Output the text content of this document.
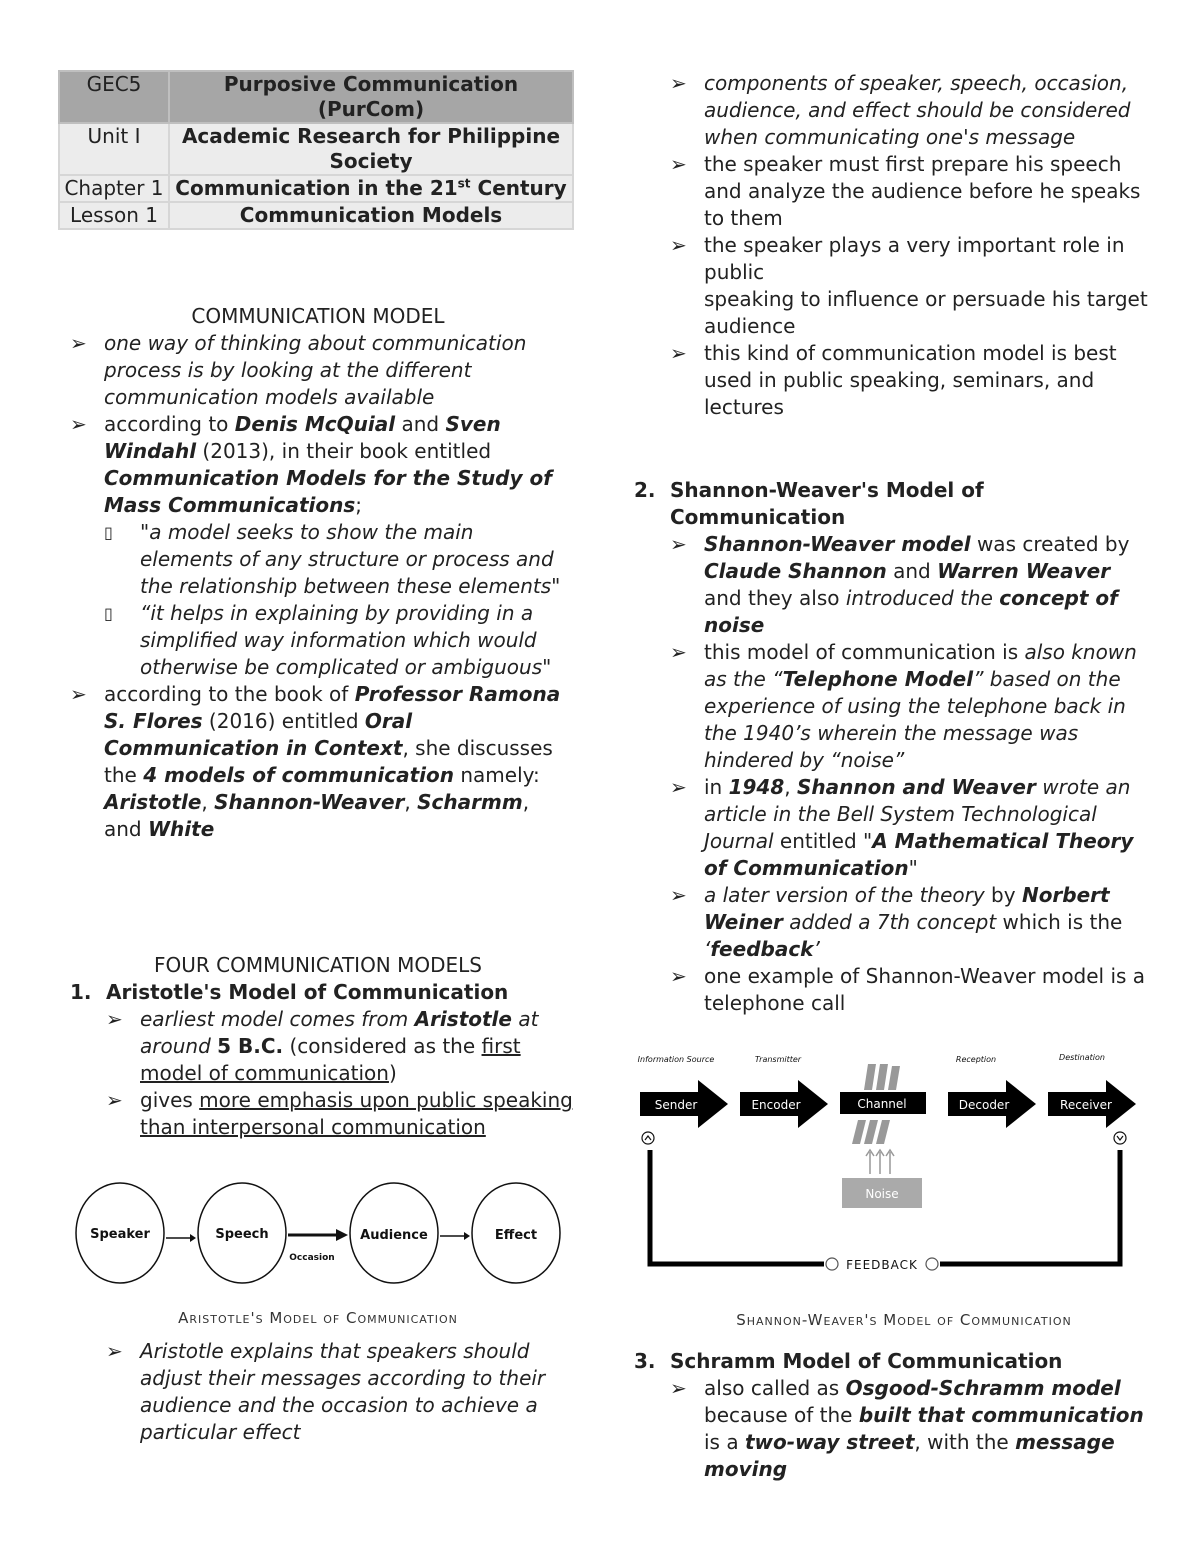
GEC5	Purposive Communication (PurCom)
Unit I	Academic Research for Philippine Society
Chapter 1	Communication in the 21st Century
Lesson 1	Communication Models
COMMUNICATION MODEL
➢ one way of thinking about communication process is by looking at the different communication models available
➢ according to Denis McQuial and Sven Windahl (2013), in their book entitled Communication Models for the Study of Mass Communications;
▯ "a model seeks to show the main elements of any structure or process and the relationship between these elements"
▯ “it helps in explaining by providing in a simplified way information which would otherwise be complicated or ambiguous"
➢ according to the book of Professor Ramona S. Flores (2016) entitled Oral Communication in Context, she discusses the 4 models of communication namely: Aristotle, Shannon-Weaver, Scharmm, and White
FOUR COMMUNICATION MODELS
1. Aristotle's Model of Communication
➢ earliest model comes from Aristotle at around 5 B.C. (considered as the first model of communication)
➢ gives more emphasis upon public speaking than interpersonal communication
Speaker	Speech	Audience	Effect
Occasion
Aristotle's Model of Communication
➢ Aristotle explains that speakers should adjust their messages according to their audience and the occasion to achieve a particular effect
➢ components of speaker, speech, occasion, audience, and effect should be considered when communicating one's message
➢ the speaker must first prepare his speech and analyze the audience before he speaks to them
➢ the speaker plays a very important role in public
speaking to influence or persuade his target audience
➢ this kind of communication model is best used in public speaking, seminars, and lectures
2. Shannon-Weaver's Model of Communication
➢ Shannon-Weaver model was created by Claude Shannon and Warren Weaver and they also introduced the concept of noise
➢ this model of communication is also known as the “Telephone Model” based on the experience of using the telephone back in the 1940’s wherein the message was hindered by “noise”
➢ in 1948, Shannon and Weaver wrote an article in the Bell System Technological Journal entitled "A Mathematical Theory of Communication"
➢ a later version of the theory by Norbert Weiner added a 7th concept which is the ‘feedback’
➢ one example of Shannon-Weaver model is a telephone call
Information Source	Transmitter	Reception	Destination
Sender	Encoder	Channel	Decoder	Receiver
Noise
FEEDBACK
Shannon-Weaver's Model of Communication
3. Schramm Model of Communication
➢ also called as Osgood-Schramm model because of the built that communication is a two-way street, with the message moving
